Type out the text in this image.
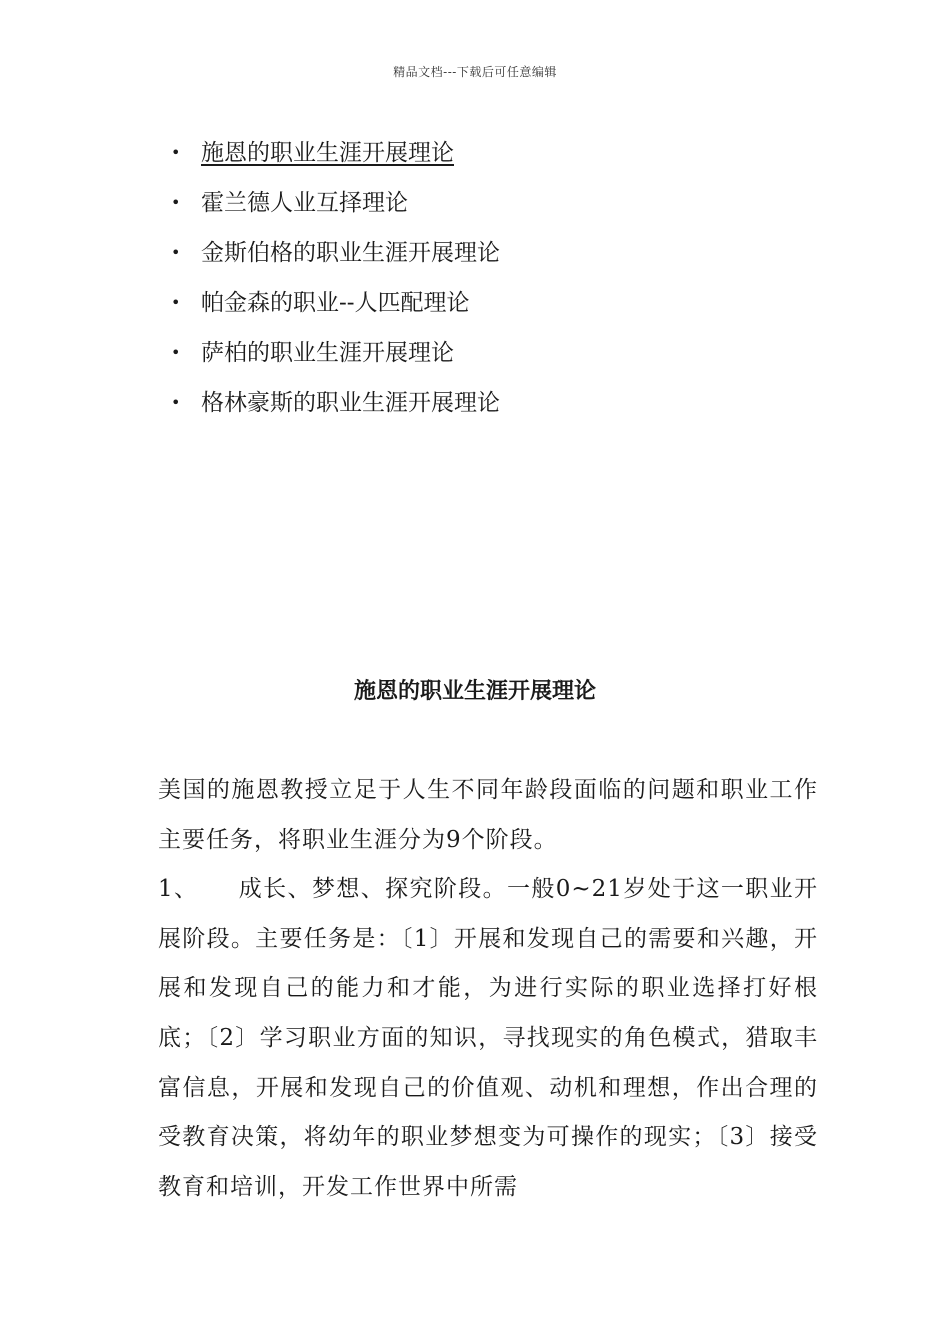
精品文档---下载后可任意编辑
• 施恩的职业生涯开展理论
• 霍兰德人业互择理论
• 金斯伯格的职业生涯开展理论
• 帕金森的职业--人匹配理论
• 萨柏的职业生涯开展理论
• 格林豪斯的职业生涯开展理论
施恩的职业生涯开展理论

美国的施恩教授立足于人生不同年龄段面临的问题和职业工作主要任务，将职业生涯分为9个阶段。

1、 成长、梦想、探究阶段。一般0~21岁处于这一职业开展阶段。主要任务是：〔1〕开展和发现自己的需要和兴趣，开展和发现自己的能力和才能，为进行实际的职业选择打好根底；〔2〕学习职业方面的知识，寻找现实的角色模式，猎取丰富信息，开展和发现自己的价值观、动机和理想，作出合理的受教育决策，将幼年的职业梦想变为可操作的现实；〔3〕接受教育和培训，开发工作世界中所需
